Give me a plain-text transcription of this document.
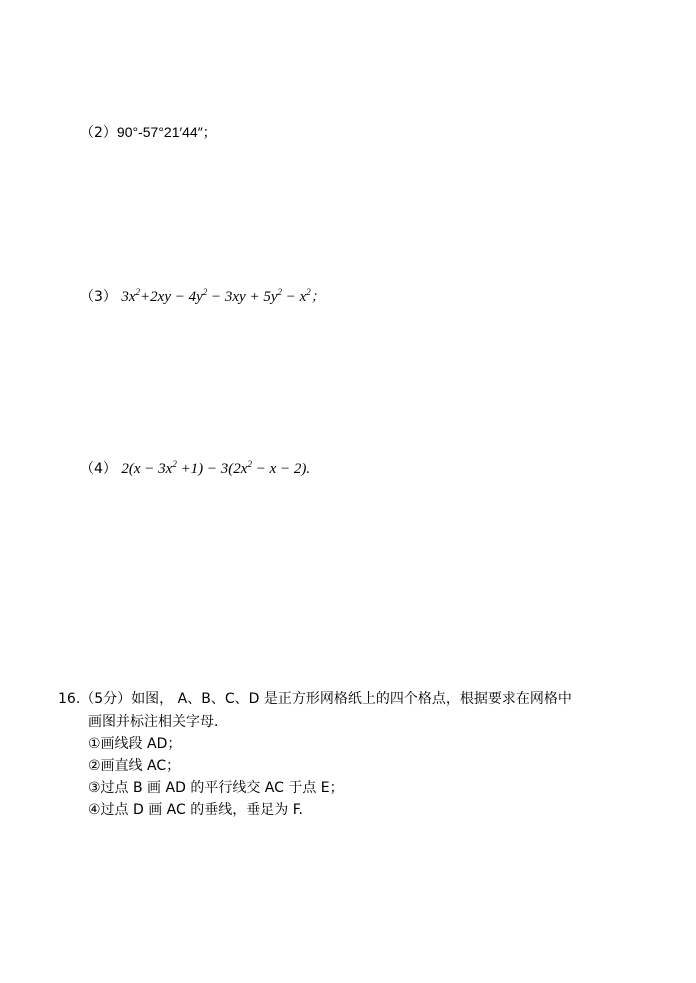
（2）90°-57°21′44″；
（3） $3x^2+2xy - 4y^2 - 3xy + 5y^2 - x^2$；
（4） $2(x - 3x^2 +1) - 3(2x^2 - x - 2)$.
16.（5分）如图， A、B、C、D 是正方形网格纸上的四个格点，根据要求在网格中
画图并标注相关字母．
①画线段 AD；
②画直线 AC；
③过点 B 画 AD 的平行线交 AC 于点 E；
④过点 D 画 AC 的垂线，垂足为 F.
